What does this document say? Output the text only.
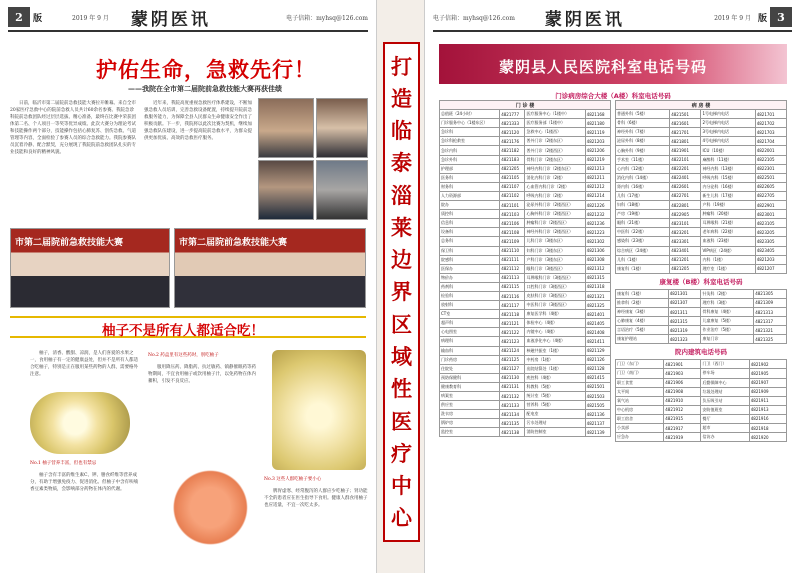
2	版	2019 年 9 月 蒙阴医讯	电子信箱：myhsq@126.com
护佑生命，急救先行！
——我院在全市第二届院前急救技能大赛再获佳绩

日前，临沂市第二届院前急救技能大赛拉开帷幕。来自全市20家医疗急救中心的院前急救人员共计60余名参赛。我院急诊科院前急救团队经过层层选拔、精心准备，最终在比赛中荣获团体第二名、个人项目一等奖等优异成绩。此次大赛分为理论考试和技能操作两个部分，技能操作包括心肺复苏、创伤急救、气道管理等内容，全面检验了参赛人员的综合急救能力。我院参赛队员沉着冷静、配合默契，充分展现了我院院前急救团队扎实的专业技能和良好的精神风貌。

近年来，我院高度重视急救医疗体系建设，不断加强急救人员培训，完善急救设备配置，持续提升院前急救服务能力，为保障全县人民群众生命健康安全作出了积极贡献。下一步，我院将以此次比赛为契机，继续加强急救队伍建设，进一步提高院前急救水平，为群众提供更加优质、高效的急救医疗服务。

市第二届院前急救技能大赛	市第二届院前急救技能大赛
柚子不是所有人都适合吃！

柚子，清香、酸甜、凉润，是人们喜爱的水果之一，食用柚子有一定的健康益处，但并不是所有人都适合吃柚子，特别是正在服用某些药物的人群，需要格外注意。

No.1 柚子营养丰富，但也有禁忌

柚子含有丰富的维生素C、钾、膳食纤维等营养成分，有助于增强免疫力、促进消化。但柚子中含有呋喃香豆素类物质，会影响部分药物在体内的代谢。

No.2 药盒里有这些药时，别吃柚子

服用降压药、降脂药、抗过敏药、镇静催眠药等药物期间，不宜食用柚子或饮用柚子汁，以免药物在体内蓄积，引发不良反应。

No.3 这些人群吃柚子要小心

脾胃虚寒、经常腹泻的人群应少吃柚子；肾功能不全的患者应在医生指导下食用。健康人群食用柚子也应适量，不宜一次吃太多。

打
造
临
泰
淄
莱
边
界
区
域
性
医
疗
中
心
电子信箱：myhsq@126.com 蒙阴医讯	2019 年 9 月 版 3
蒙阴县人民医院科室电话号码
门诊病房综合大楼（A楼）科室电话号码
门 诊 楼			
总值班（24小时）	4821777	医疗服务中心（1楼中）	4821168
门诊服务中心（1楼东区）	4821333	医疗服务部（1楼中）	4821180
急诊科	4821120	急救中心（1楼西）	4821119
急诊科抢救室	4821176	普外门诊（2楼东区）	4821203
急诊内科	4821182	普外门诊（2楼西区）	4821206
急诊外科	4821183	骨科门诊（2楼东区）	4821219
护理部	4821205	神经内科门诊（2楼东区）	4821213
医务科	4821105	消化内科门诊（2楼）	4821211
财务科	4821107	心血管内科门诊（2楼）	4821212
人力资源部	4821102	呼吸内科门诊（2楼）	4821214
院办	4821101	泌尿外科门诊（2楼西区）	4821226
质控科	4821103	心胸外科门诊（2楼西区）	4821232
信息科	4821106	肿瘤科门诊（2楼西区）	4821236
设备科	4821108	神经外科门诊（2楼西区）	4821223
总务科	4821109	儿科门诊（3楼东区）	4821302
保卫科	4821110	妇科门诊（3楼东区）	4821306
院感科	4821111	产科门诊（3楼东区）	4821308
医保办	4821112	眼科门诊（3楼西区）	4821312
物价办	4821113	耳鼻喉科门诊（3楼西区）	4821315
药剂科	4821115	口腔科门诊（3楼西区）	4821318
检验科	4821116	皮肤科门诊（3楼西区）	4821321
放射科	4821117	中医科门诊（3楼西区）	4821325
CT室	4821118	康复医学科（4楼）	4821401
超声科	4821121	体检中心（4楼）	4821405
心电图室	4821122	内镜中心（4楼）	4821408
病理科	4821123	血液净化中心（4楼）	4821411
输血科	4821124	核磁共振室（1楼）	4821129
门诊药房	4821125	中药房（1楼）	4821126
住院处	4821127	出院结算处（1楼）	4821128
预防保健科	4821130	疾控科（4楼）	4821415
健康教育科	4821131	科教科（5楼）	4821501
病案室	4821132	统计室（5楼）	4821503
供应室	4821133	营养科（5楼）	4821505
洗衣房	4821134	配电室	4821136
锅炉房	4821135	污水处理站	4821137
监控室	4821138	消防控制室	4821139
病 房 楼			
普通外科（5楼）	4821501	1号电梯内电话	4821701
骨科（6楼）	4821601	2号电梯内电话	4821702
神经外科（7楼）	4821701	3号电梯内电话	4821703
泌尿外科（8楼）	4821801	4号电梯内电话	4821704
心胸外科（9楼）	4821901	ICU（10楼）	4822001
手术室（11楼）	4822101	麻醉科（11楼）	4822105
心内科（12楼）	4822201	神经内科（13楼）	4822301
消化内科（14楼）	4822401	呼吸内科（15楼）	4822501
肾内科（16楼）	4822601	内分泌科（16楼）	4822605
儿科（17楼）	4822701	新生儿科（17楼）	4822705
妇科（18楼）	4822801	产科（19楼）	4822901
产房（19楼）	4822905	肿瘤科（20楼）	4823001
眼科（21楼）	4823101	耳鼻喉科（21楼）	4823105
中医科（22楼）	4823201	老年病科（22楼）	4823205
感染科（23楼）	4823301	血液科（23楼）	4823305
综合病区（24楼）	4823401	VIP病区（24楼）	4823405
儿科（1楼）	4821201	内科（1楼）	4821203
康复科（1楼）	4821205	理疗室（1楼）	4821207
康复楼（B楼）科室电话号码
康复科（1楼）	4821301	针灸科（2楼）	4821305
推拿科（2楼）	4821307	理疗科（3楼）	4821309
神经康复（3楼）	4821311	骨科康复（4楼）	4821313
心肺康复（4楼）	4821315	儿童康复（5楼）	4821317
言语治疗（5楼）	4821319	作业治疗（5楼）	4821321
康复护理站	4821323	康复门诊	4821325
院内建筑电话号码
门卫（东门）	4821901	门卫（西门）	4821902
门卫（南门）	4821903	停车场	4821905
职工食堂	4821906	后勤保障中心	4821907
太平间	4821908	垃圾处理站	4821909
氧气站	4821910	负压吸引站	4821911
中心机房	4821912	安防值班室	4821913
职工宿舍	4821915	餐厅	4821916
小卖部	4821917	超市	4821918
应急办	4821919	信访办	4821920
